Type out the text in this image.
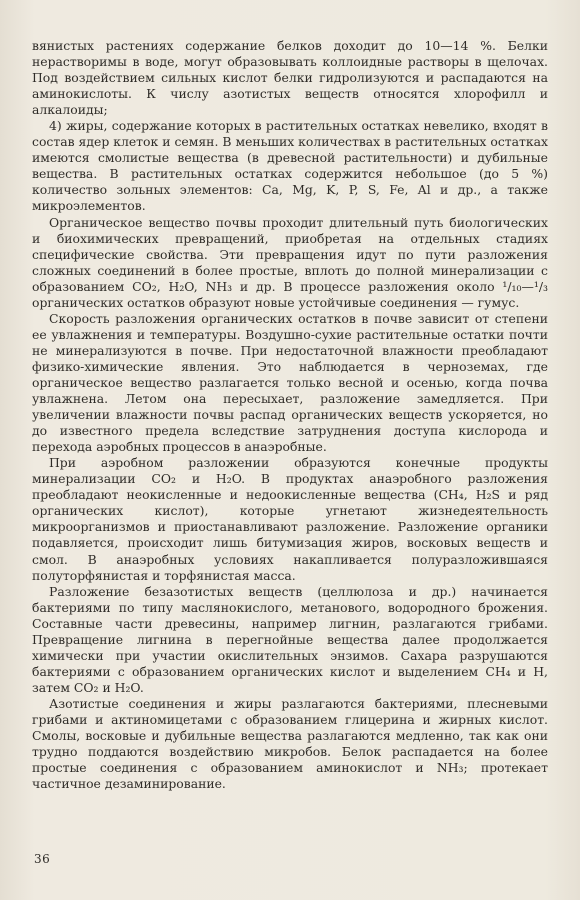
вянистых растениях содержание белков доходит до 10—14 %. Белки нерастворимы в воде, могут образовывать коллоидные растворы в щелочах. Под воздействием сильных кислот белки гидролизуются и распадаются на аминокислоты. К числу азотистых веществ относятся хлорофилл и алкалоиды;

4) жиры, содержание которых в растительных остатках невелико, входят в состав ядер клеток и семян. В меньших количествах в растительных остатках имеются смолистые вещества (в древесной растительности) и дубильные вещества. В растительных остатках содержится небольшое (до 5 %) количество зольных элементов: Ca, Mg, K, P, S, Fe, Al и др., а также микроэлементов.

Органическое вещество почвы проходит длительный путь биологических и биохимических превращений, приобретая на отдельных стадиях специфические свойства. Эти превращения идут по пути разложения сложных соединений в более простые, вплоть до полной минерализации с образованием CO₂, H₂O, NH₃ и др. В процессе разложения около ¹/₁₀—¹/₃ органических остатков образуют новые устойчивые соединения — гумус.

Скорость разложения органических остатков в почве зависит от степени ее увлажнения и температуры. Воздушно-сухие растительные остатки почти не минерализуются в почве. При недостаточной влажности преобладают физико-химические явления. Это наблюдается в черноземах, где органическое вещество разлагается только весной и осенью, когда почва увлажнена. Летом она пересыхает, разложение замедляется. При увеличении влажности почвы распад органических веществ ускоряется, но до известного предела вследствие затруднения доступа кислорода и перехода аэробных процессов в анаэробные.

При аэробном разложении образуются конечные продукты минерализации CO₂ и H₂O. В продуктах анаэробного разложения преобладают неокисленные и недоокисленные вещества (CH₄, H₂S и ряд органических кислот), которые угнетают жизнедеятельность микроорганизмов и приостанавливают разложение. Разложение органики подавляется, происходит лишь битумизация жиров, восковых веществ и смол. В анаэробных условиях накапливается полуразложившаяся полуторфянистая и торфянистая масса.

Разложение безазотистых веществ (целлюлоза и др.) начинается бактериями по типу маслянокислого, метанового, водородного брожения. Составные части древесины, например лигнин, разлагаются грибами. Превращение лигнина в перегнойные вещества далее продолжается химически при участии окислительных энзимов. Сахара разрушаются бактериями с образованием органических кислот и выделением CH₄ и H, затем CO₂ и H₂O.

Азотистые соединения и жиры разлагаются бактериями, плесневыми грибами и актиномицетами с образованием глицерина и жирных кислот. Смолы, восковые и дубильные вещества разлагаются медленно, так как они трудно поддаются воздействию микробов. Белок распадается на более простые соединения с образованием аминокислот и NH₃; протекает частичное дезаминирование.

36
